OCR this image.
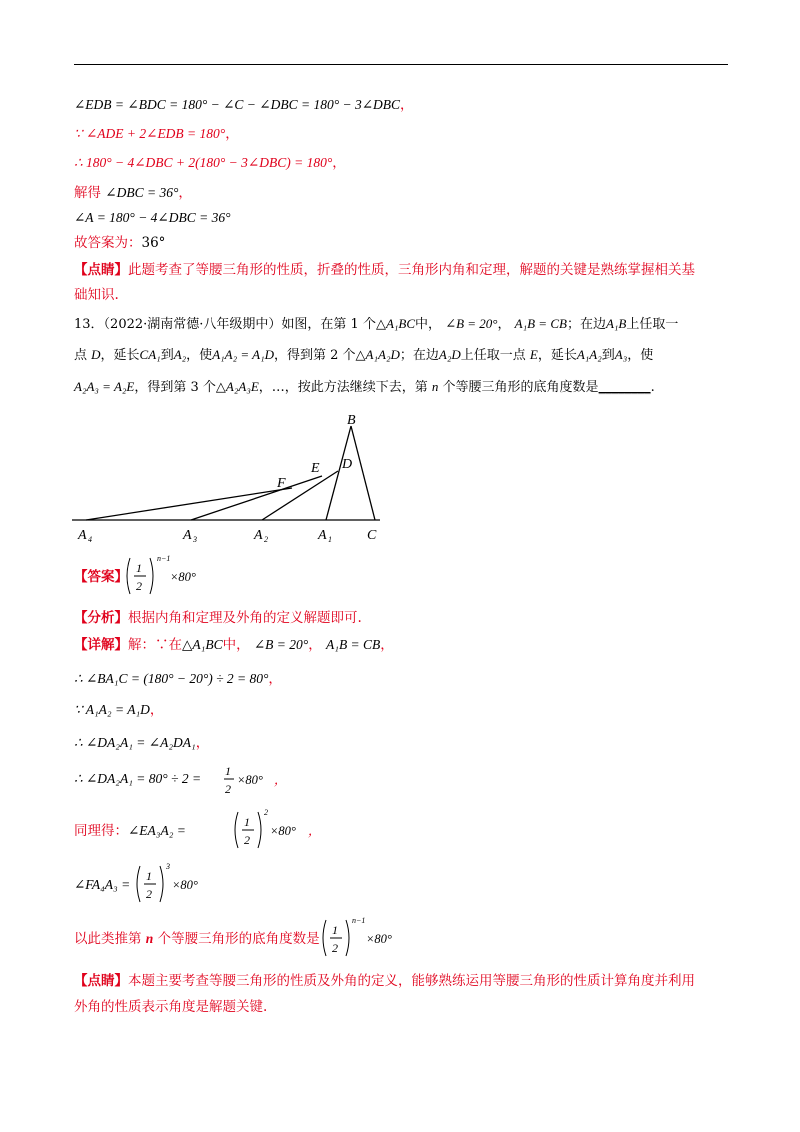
∠EDB = ∠BDC = 180° − ∠C − ∠DBC = 180° − 3∠DBC，
∵ ∠ADE + 2∠EDB = 180°，
∴ 180° − 4∠DBC + 2(180° − 3∠DBC) = 180°，
解得 ∠DBC = 36°，
∠A = 180° − 4∠DBC = 36°
故答案为：36°
【点睛】此题考查了等腰三角形的性质，折叠的性质，三角形内角和定理，解题的关键是熟练掌握相关基
础知识.
13．（2022·湖南常德·八年级期中）如图，在第 1 个△A₁BC中， ∠B = 20°， A₁B = CB；在边A₁B上任取一
点 D，延长CA₁到A₂，使A₁A₂ = A₁D，得到第 2 个△A₁A₂D；在边A₂D上任取一点 E，延长A₁A₂到A₃，使
A₂A₃ = A₂E，得到第 3 个△A₂A₃E，…，按此方法继续下去，第 n 个等腰三角形的底角度数是________.
B
D
E
F
A 4	A 3	A 2	A 1	C
【答案】
1
2
n−1
×80°
【分析】根据内角和定理及外角的定义解题即可.
【详解】解：∵在△A₁BC中， ∠B = 20°， A₁B = CB，
∴ ∠BA₁C = (180° − 20°) ÷ 2 = 80°，
∵ A₁A₂ = A₁D，
∴ ∠DA₂A₁ = ∠A₂DA₁，
∴ ∠DA₂A₁ = 80° ÷ 2 = 1
2
×80° ，
同理得：∠EA₃A₂ =
1
2
2
×80° ，
∠FA₄A₃ =
1
2
3
×80°
以此类推第 n 个等腰三角形的底角度数是
1
2
n−1
×80°
【点睛】本题主要考查等腰三角形的性质及外角的定义，能够熟练运用等腰三角形的性质计算角度并利用
外角的性质表示角度是解题关键.
